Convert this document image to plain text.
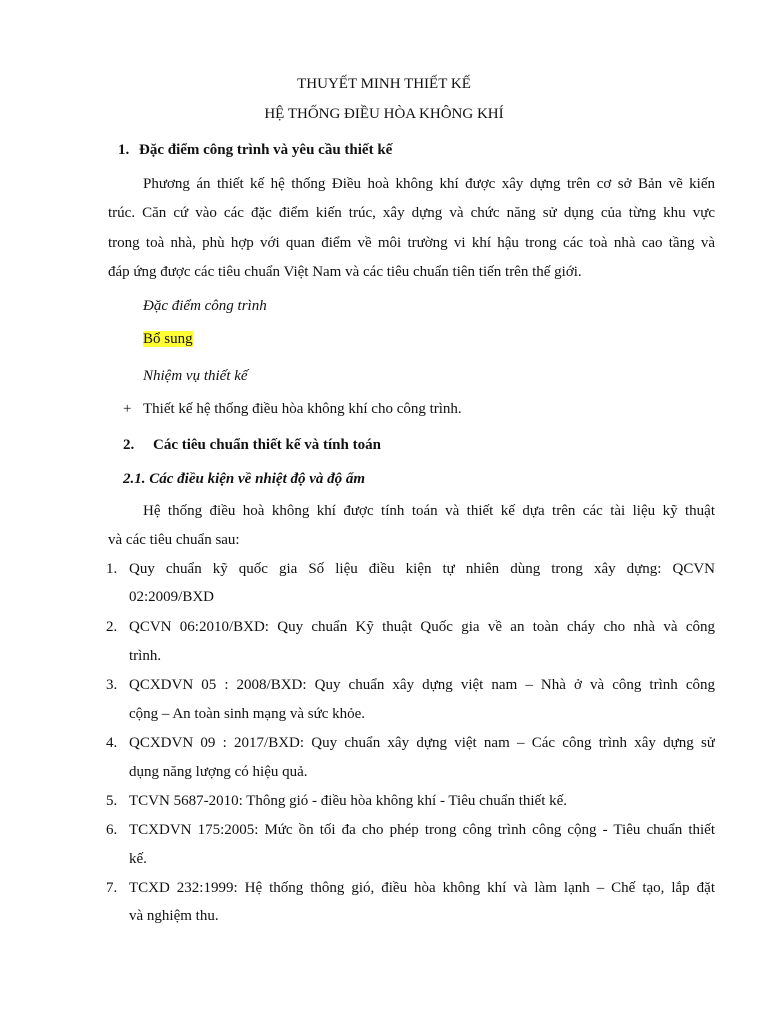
THUYẾT MINH THIẾT KẾ
HỆ THỐNG ĐIỀU HÒA KHÔNG KHÍ
1. Đặc điểm công trình và yêu cầu thiết kế
Phương án thiết kế hệ thống Điều hoà không khí được xây dựng trên cơ sở Bản vẽ kiến
trúc. Căn cứ vào các đặc điểm kiến trúc, xây dựng và chức năng sử dụng của từng khu vực
trong toà nhà, phù hợp với quan điểm về môi trường vi khí hậu trong các toà nhà cao tầng và
đáp ứng được các tiêu chuẩn Việt Nam và các tiêu chuẩn tiên tiến trên thế giới.
Đặc điểm công trình
Bổ sung
Nhiệm vụ thiết kế
+ Thiết kế hệ thống điều hòa không khí cho công trình.
2. Các tiêu chuẩn thiết kế và tính toán
2.1. Các điều kiện về nhiệt độ và độ ẩm
Hệ thống điều hoà không khí được tính toán và thiết kế dựa trên các tài liệu kỹ thuật
và các tiêu chuẩn sau:
1. Quy chuẩn kỹ quốc gia Số liệu điều kiện tự nhiên dùng trong xây dựng: QCVN
02:2009/BXD
2. QCVN 06:2010/BXD: Quy chuẩn Kỹ thuật Quốc gia về an toàn cháy cho nhà và công
trình.
3. QCXDVN 05 : 2008/BXD: Quy chuẩn xây dựng việt nam – Nhà ở và công trình công
cộng – An toàn sinh mạng và sức khỏe.
4. QCXDVN 09 : 2017/BXD: Quy chuẩn xây dựng việt nam – Các công trình xây dựng sử
dụng năng lượng có hiệu quả.
5. TCVN 5687-2010: Thông gió - điều hòa không khí - Tiêu chuẩn thiết kế.
6. TCXDVN 175:2005: Mức ồn tối đa cho phép trong công trình công cộng - Tiêu chuẩn thiết
kế.
7. TCXD 232:1999: Hệ thống thông gió, điều hòa không khí và làm lạnh – Chế tạo, lắp đặt
và nghiệm thu.
